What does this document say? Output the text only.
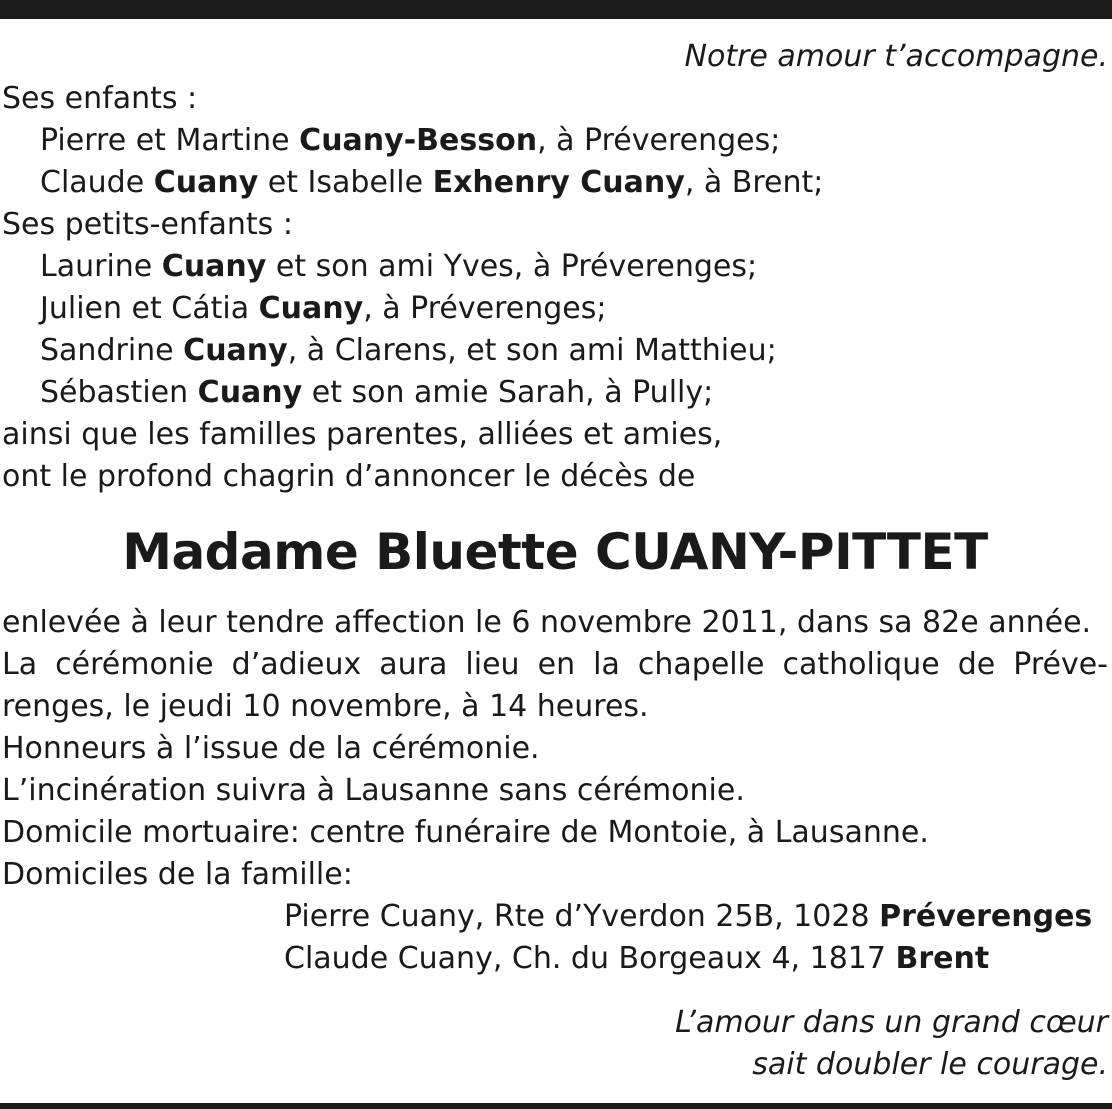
Notre amour t’accompagne.
Ses enfants :
Pierre et Martine Cuany-Besson, à Préverenges;
Claude Cuany et Isabelle Exhenry Cuany, à Brent;
Ses petits-enfants :
Laurine Cuany et son ami Yves, à Préverenges;
Julien et Cátia Cuany, à Préverenges;
Sandrine Cuany, à Clarens, et son ami Matthieu;
Sébastien Cuany et son amie Sarah, à Pully;
ainsi que les familles parentes, alliées et amies,
ont le profond chagrin d’annoncer le décès de
Madame Bluette CUANY-PITTET
enlevée à leur tendre affection le 6 novembre 2011, dans sa 82e année.
La cérémonie d’adieux aura lieu en la chapelle catholique de Préve-
renges, le jeudi 10 novembre, à 14 heures.
Honneurs à l’issue de la cérémonie.
L’incinération suivra à Lausanne sans cérémonie.
Domicile mortuaire: centre funéraire de Montoie, à Lausanne.
Domiciles de la famille:
Pierre Cuany, Rte d’Yverdon 25B, 1028 Préverenges
Claude Cuany, Ch. du Borgeaux 4, 1817 Brent
L’amour dans un grand cœur
sait doubler le courage.
